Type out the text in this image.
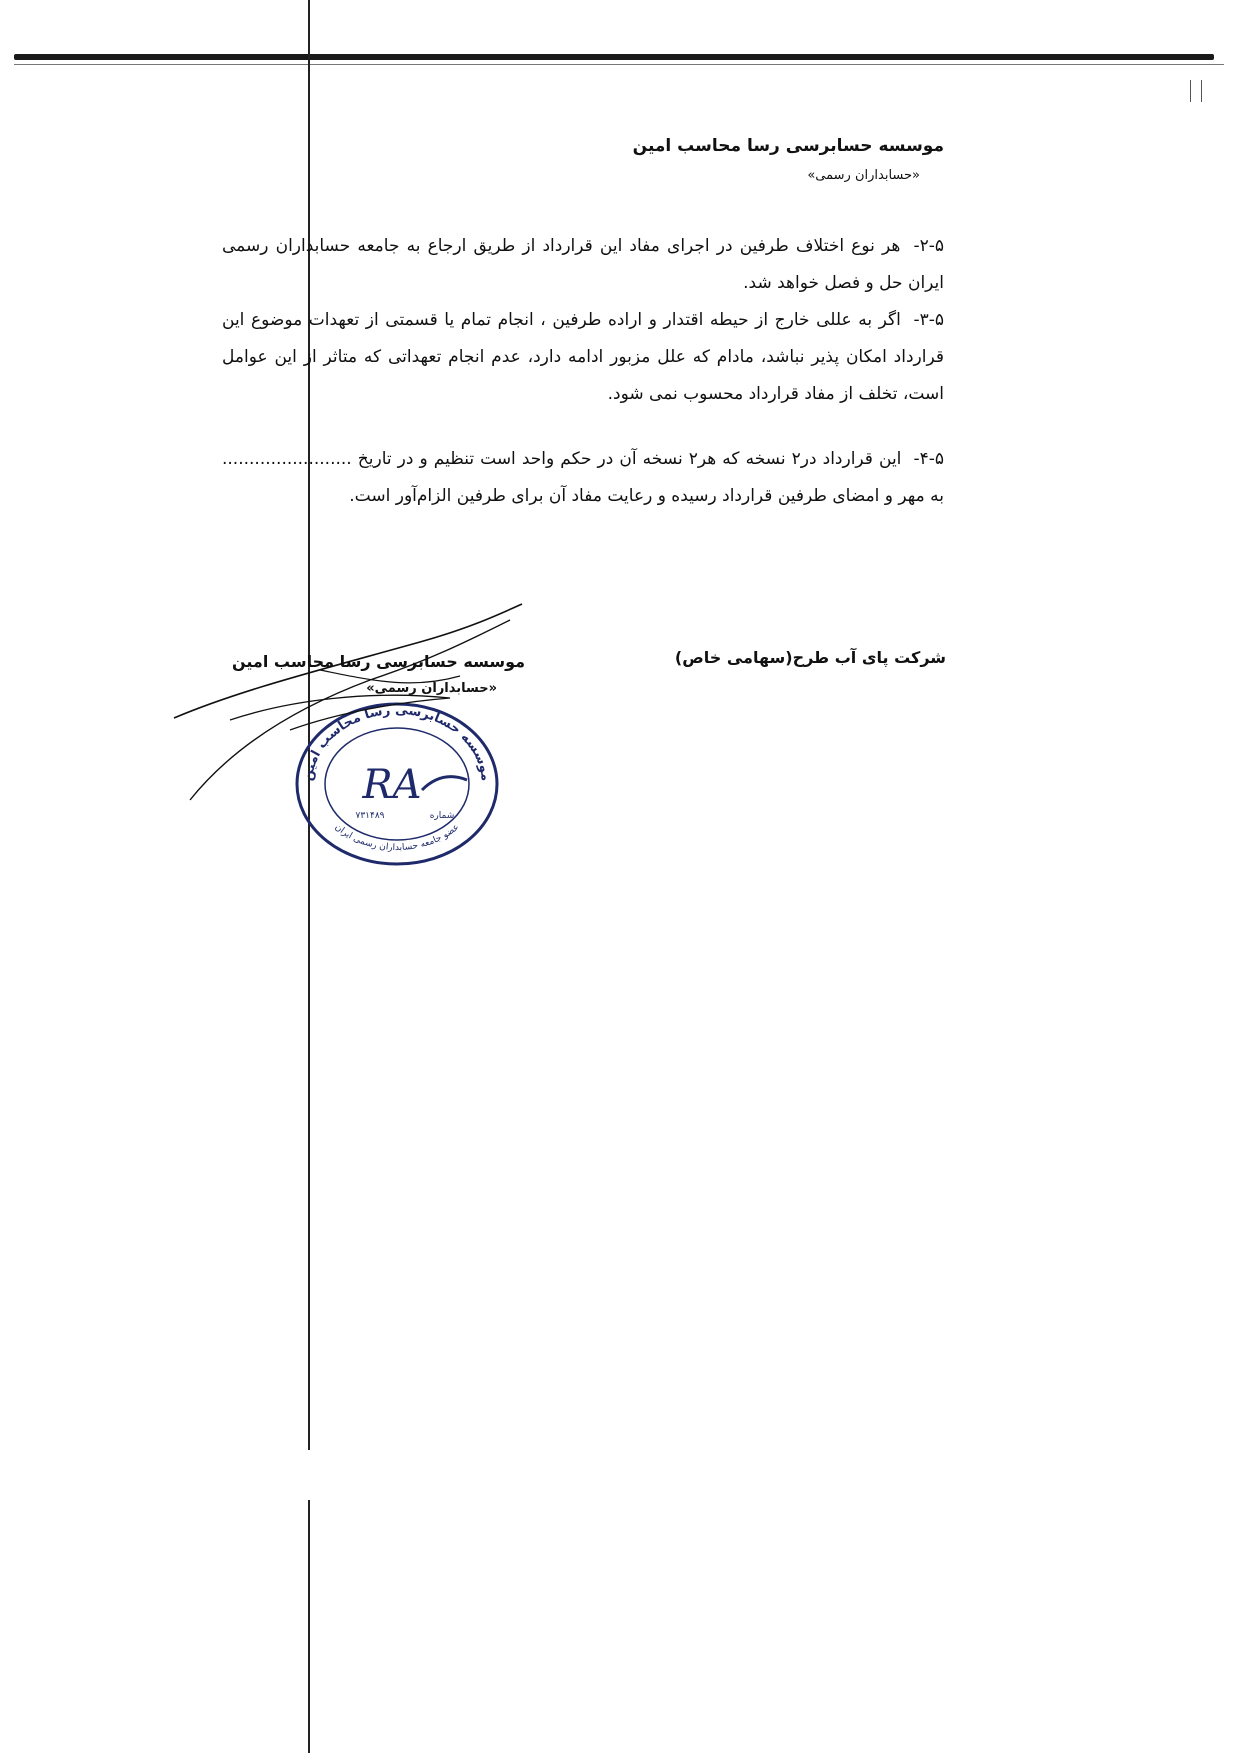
موسسه حسابرسی رسا محاسب امین
«حسابداران رسمی»

۲-۵- هر نوع اختلاف طرفین در اجرای مفاد این قرارداد از طریق ارجاع به جامعه حسابداران رسمی ایران حل و فصل خواهد شد.

۳-۵- اگر به عللی خارج از حیطه اقتدار و اراده طرفین ، انجام تمام یا قسمتی از تعهدات موضوع این قرارداد امکان پذیر نباشد، مادام که علل مزبور ادامه دارد، عدم انجام تعهداتی که متاثر از این عوامل است، تخلف از مفاد قرارداد محسوب نمی شود.

۴-۵- این قرارداد در۲ نسخه که هر۲ نسخه آن در حکم واحد است تنظیم و در تاریخ ........................ به مهر و امضای طرفین قرارداد رسیده و رعایت مفاد آن برای طرفین الزام‌آور است.

شرکت پای آب طرح(سهامی خاص)
موسسه حسابرسی رسا محاسب امین
«حسابداران رسمی»
موسسه حسابرسی رسا محاسب امین
RA
شماره
۷۳۱۴۸۹
عضو جامعه حسابداران رسمی ایران
